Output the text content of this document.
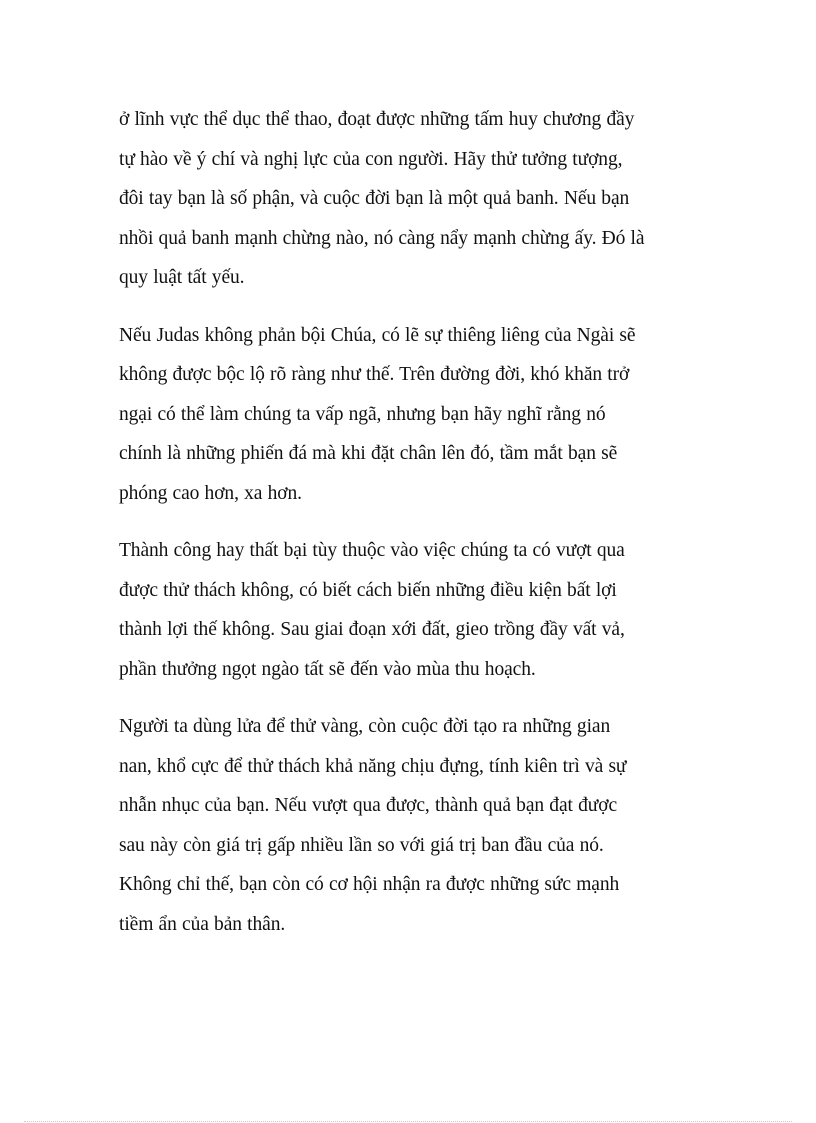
ở lĩnh vực thể dục thể thao, đoạt được những tấm huy chương đầy
tự hào về ý chí và nghị lực của con người. Hãy thử tưởng tượng,
đôi tay bạn là số phận, và cuộc đời bạn là một quả banh. Nếu bạn
nhồi quả banh mạnh chừng nào, nó càng nẩy mạnh chừng ấy. Đó là
quy luật tất yếu.

Nếu Judas không phản bội Chúa, có lẽ sự thiêng liêng của Ngài sẽ
không được bộc lộ rõ ràng như thế. Trên đường đời, khó khăn trở
ngại có thể làm chúng ta vấp ngã, nhưng bạn hãy nghĩ rằng nó
chính là những phiến đá mà khi đặt chân lên đó, tầm mắt bạn sẽ
phóng cao hơn, xa hơn.

Thành công hay thất bại tùy thuộc vào việc chúng ta có vượt qua
được thử thách không, có biết cách biến những điều kiện bất lợi
thành lợi thế không. Sau giai đoạn xới đất, gieo trồng đầy vất vả,
phần thưởng ngọt ngào tất sẽ đến vào mùa thu hoạch.

Người ta dùng lửa để thử vàng, còn cuộc đời tạo ra những gian
nan, khổ cực để thử thách khả năng chịu đựng, tính kiên trì và sự
nhẫn nhục của bạn. Nếu vượt qua được, thành quả bạn đạt được
sau này còn giá trị gấp nhiều lần so với giá trị ban đầu của nó.
Không chỉ thế, bạn còn có cơ hội nhận ra được những sức mạnh
tiềm ẩn của bản thân.
